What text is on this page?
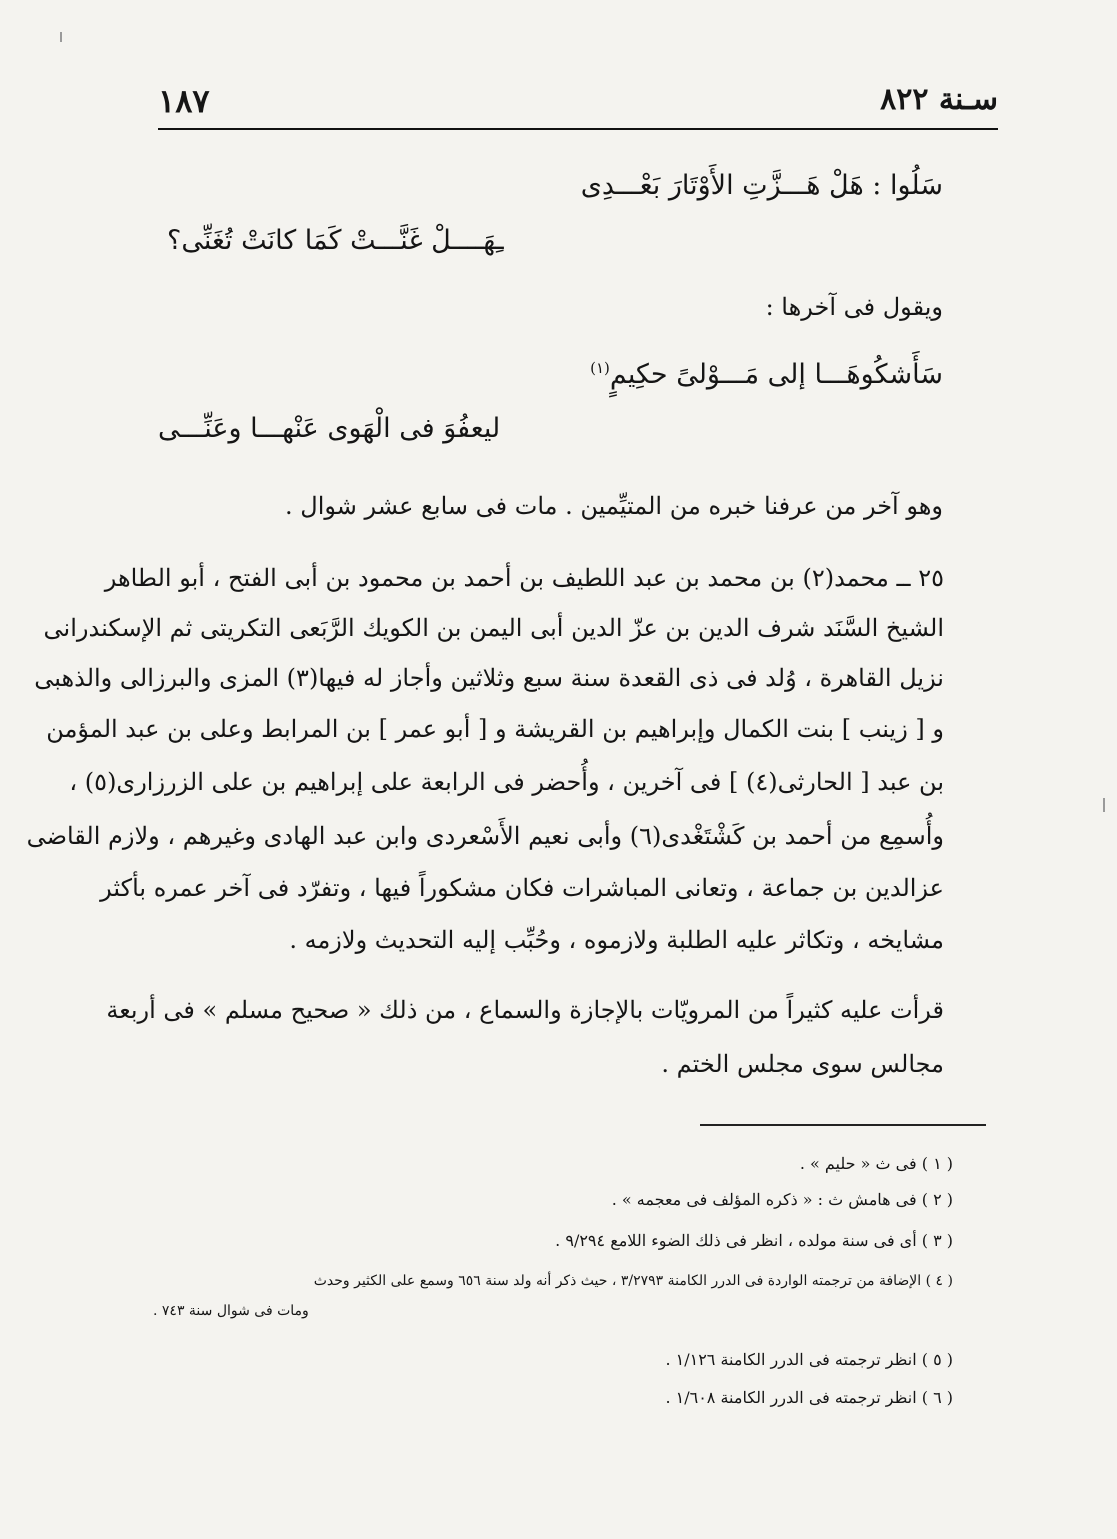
١٨٧	سـنة ٨٢٢
سَلُوا : هَلْ هَـــزَّتِ الأَوْتَارَ بَعْـــدِى
ـِهَــــلْ غَنَّـــتْ كَمَا كانَتْ تُغَنِّى؟
ويقول فى آخرها :
سَأَشكُوهَـــا إلى مَـــوْلىً حكِيمٍ$^{(١)}$
ليعفُوَ فى الْهَوى عَنْهـــا وعَنِّـــى
وهو آخر من عرفنا خبره من المتيِّمين . مات فى سابع عشر شوال .
٢٥ ــ محمد(٢) بن محمد بن عبد اللطيف بن أحمد بن محمود بن أبى الفتح ، أبو الطاهر
الشيخ السَّنَد شرف الدين بن عزّ الدين أبى اليمن بن الكويك الرَّبَعى التكريتى ثم الإسكندرانى
نزيل القاهرة ، وُلد فى ذى القعدة سنة سبع وثلاثين وأجاز له فيها(٣) المزى والبرزالى والذهبى
و [ زينب ] بنت الكمال وإبراهيم بن القريشة و [ أبو عمر ] بن المرابط وعلى بن عبد المؤمن
بن عبد [ الحارثى(٤) ] فى آخرين ، وأُحضر فى الرابعة على إبراهيم بن على الزرزارى(٥) ،
وأُسمِع من أحمد بن كَشْتَغْدى(٦) وأبى نعيم الأَسْعردى وابن عبد الهادى وغيرهم ، ولازم القاضى
عزالدين بن جماعة ، وتعانى المباشرات فكان مشكوراً فيها ، وتفرّد فى آخر عمره بأكثر
مشايخه ، وتكاثر عليه الطلبة ولازموه ، وحُبِّب إليه التحديث ولازمه .
قرأت عليه كثيراً من المرويّات بالإجازة والسماع ، من ذلك « صحيح مسلم » فى أربعة
مجالس سوى مجلس الختم .
( ١ ) فى ث « حليم » .
( ٢ ) فى هامش ث : « ذكره المؤلف فى معجمه » .
( ٣ ) أى فى سنة مولده ، انظر فى ذلك الضوء اللامع ٩/٢٩٤ .
( ٤ ) الإضافة من ترجمته الواردة فى الدرر الكامنة ٣/٢٧٩٣ ، حيث ذكر أنه ولد سنة ٦٥٦ وسمع على الكثير وحدث
ومات فى شوال سنة ٧٤٣ .
( ٥ ) انظر ترجمته فى الدرر الكامنة ١/١٢٦ .
( ٦ ) انظر ترجمته فى الدرر الكامنة ١/٦٠٨ .
